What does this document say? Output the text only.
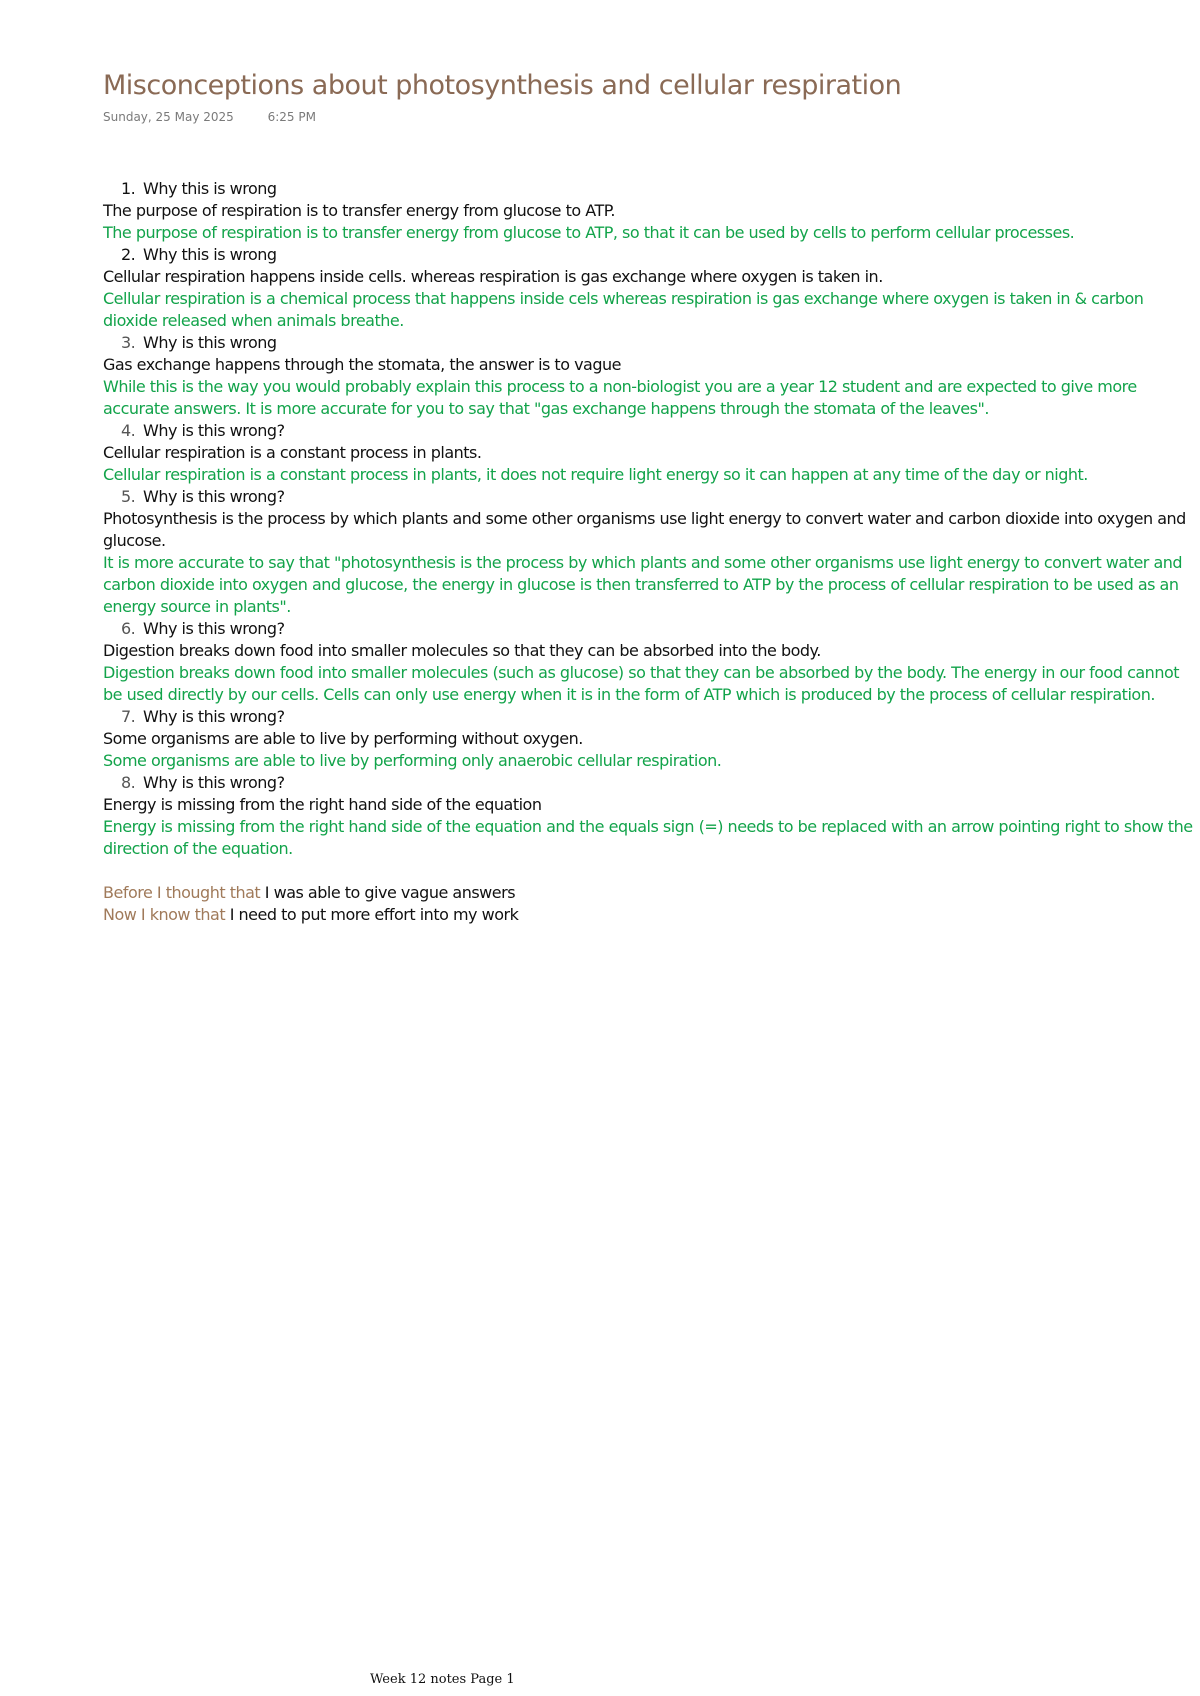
Misconceptions about photosynthesis and cellular respiration
Sunday, 25 May 2025	6:25 PM

1. Why this is wrong

The purpose of respiration is to transfer energy from glucose to ATP.

The purpose of respiration is to transfer energy from glucose to ATP, so that it can be used by cells to perform cellular processes.

2. Why this is wrong

Cellular respiration happens inside cells. whereas respiration is gas exchange where oxygen is taken in.

Cellular respiration is a chemical process that happens inside cels whereas respiration is gas exchange where oxygen is taken in & carbon dioxide released when animals breathe.

3. Why is this wrong

Gas exchange happens through the stomata, the answer is to vague

While this is the way you would probably explain this process to a non-biologist you are a year 12 student and are expected to give more accurate answers. It is more accurate for you to say that "gas exchange happens through the stomata of the leaves".

4. Why is this wrong?

Cellular respiration is a constant process in plants.

Cellular respiration is a constant process in plants, it does not require light energy so it can happen at any time of the day or night.

5. Why is this wrong?

Photosynthesis is the process by which plants and some other organisms use light energy to convert water and carbon dioxide into oxygen and glucose.

It is more accurate to say that "photosynthesis is the process by which plants and some other organisms use light energy to convert water and carbon dioxide into oxygen and glucose, the energy in glucose is then transferred to ATP by the process of cellular respiration to be used as an energy source in plants".

6. Why is this wrong?

Digestion breaks down food into smaller molecules so that they can be absorbed into the body.

Digestion breaks down food into smaller molecules (such as glucose) so that they can be absorbed by the body. The energy in our food cannot be used directly by our cells. Cells can only use energy when it is in the form of ATP which is produced by the process of cellular respiration.

7. Why is this wrong?

Some organisms are able to live by performing without oxygen.

Some organisms are able to live by performing only anaerobic cellular respiration.

8. Why is this wrong?

Energy is missing from the right hand side of the equation

Energy is missing from the right hand side of the equation and the equals sign (=) needs to be replaced with an arrow pointing right to show the direction of the equation.

Before I thought that I was able to give vague answers

Now I know that I need to put more effort into my work

Week 12 notes Page 1
